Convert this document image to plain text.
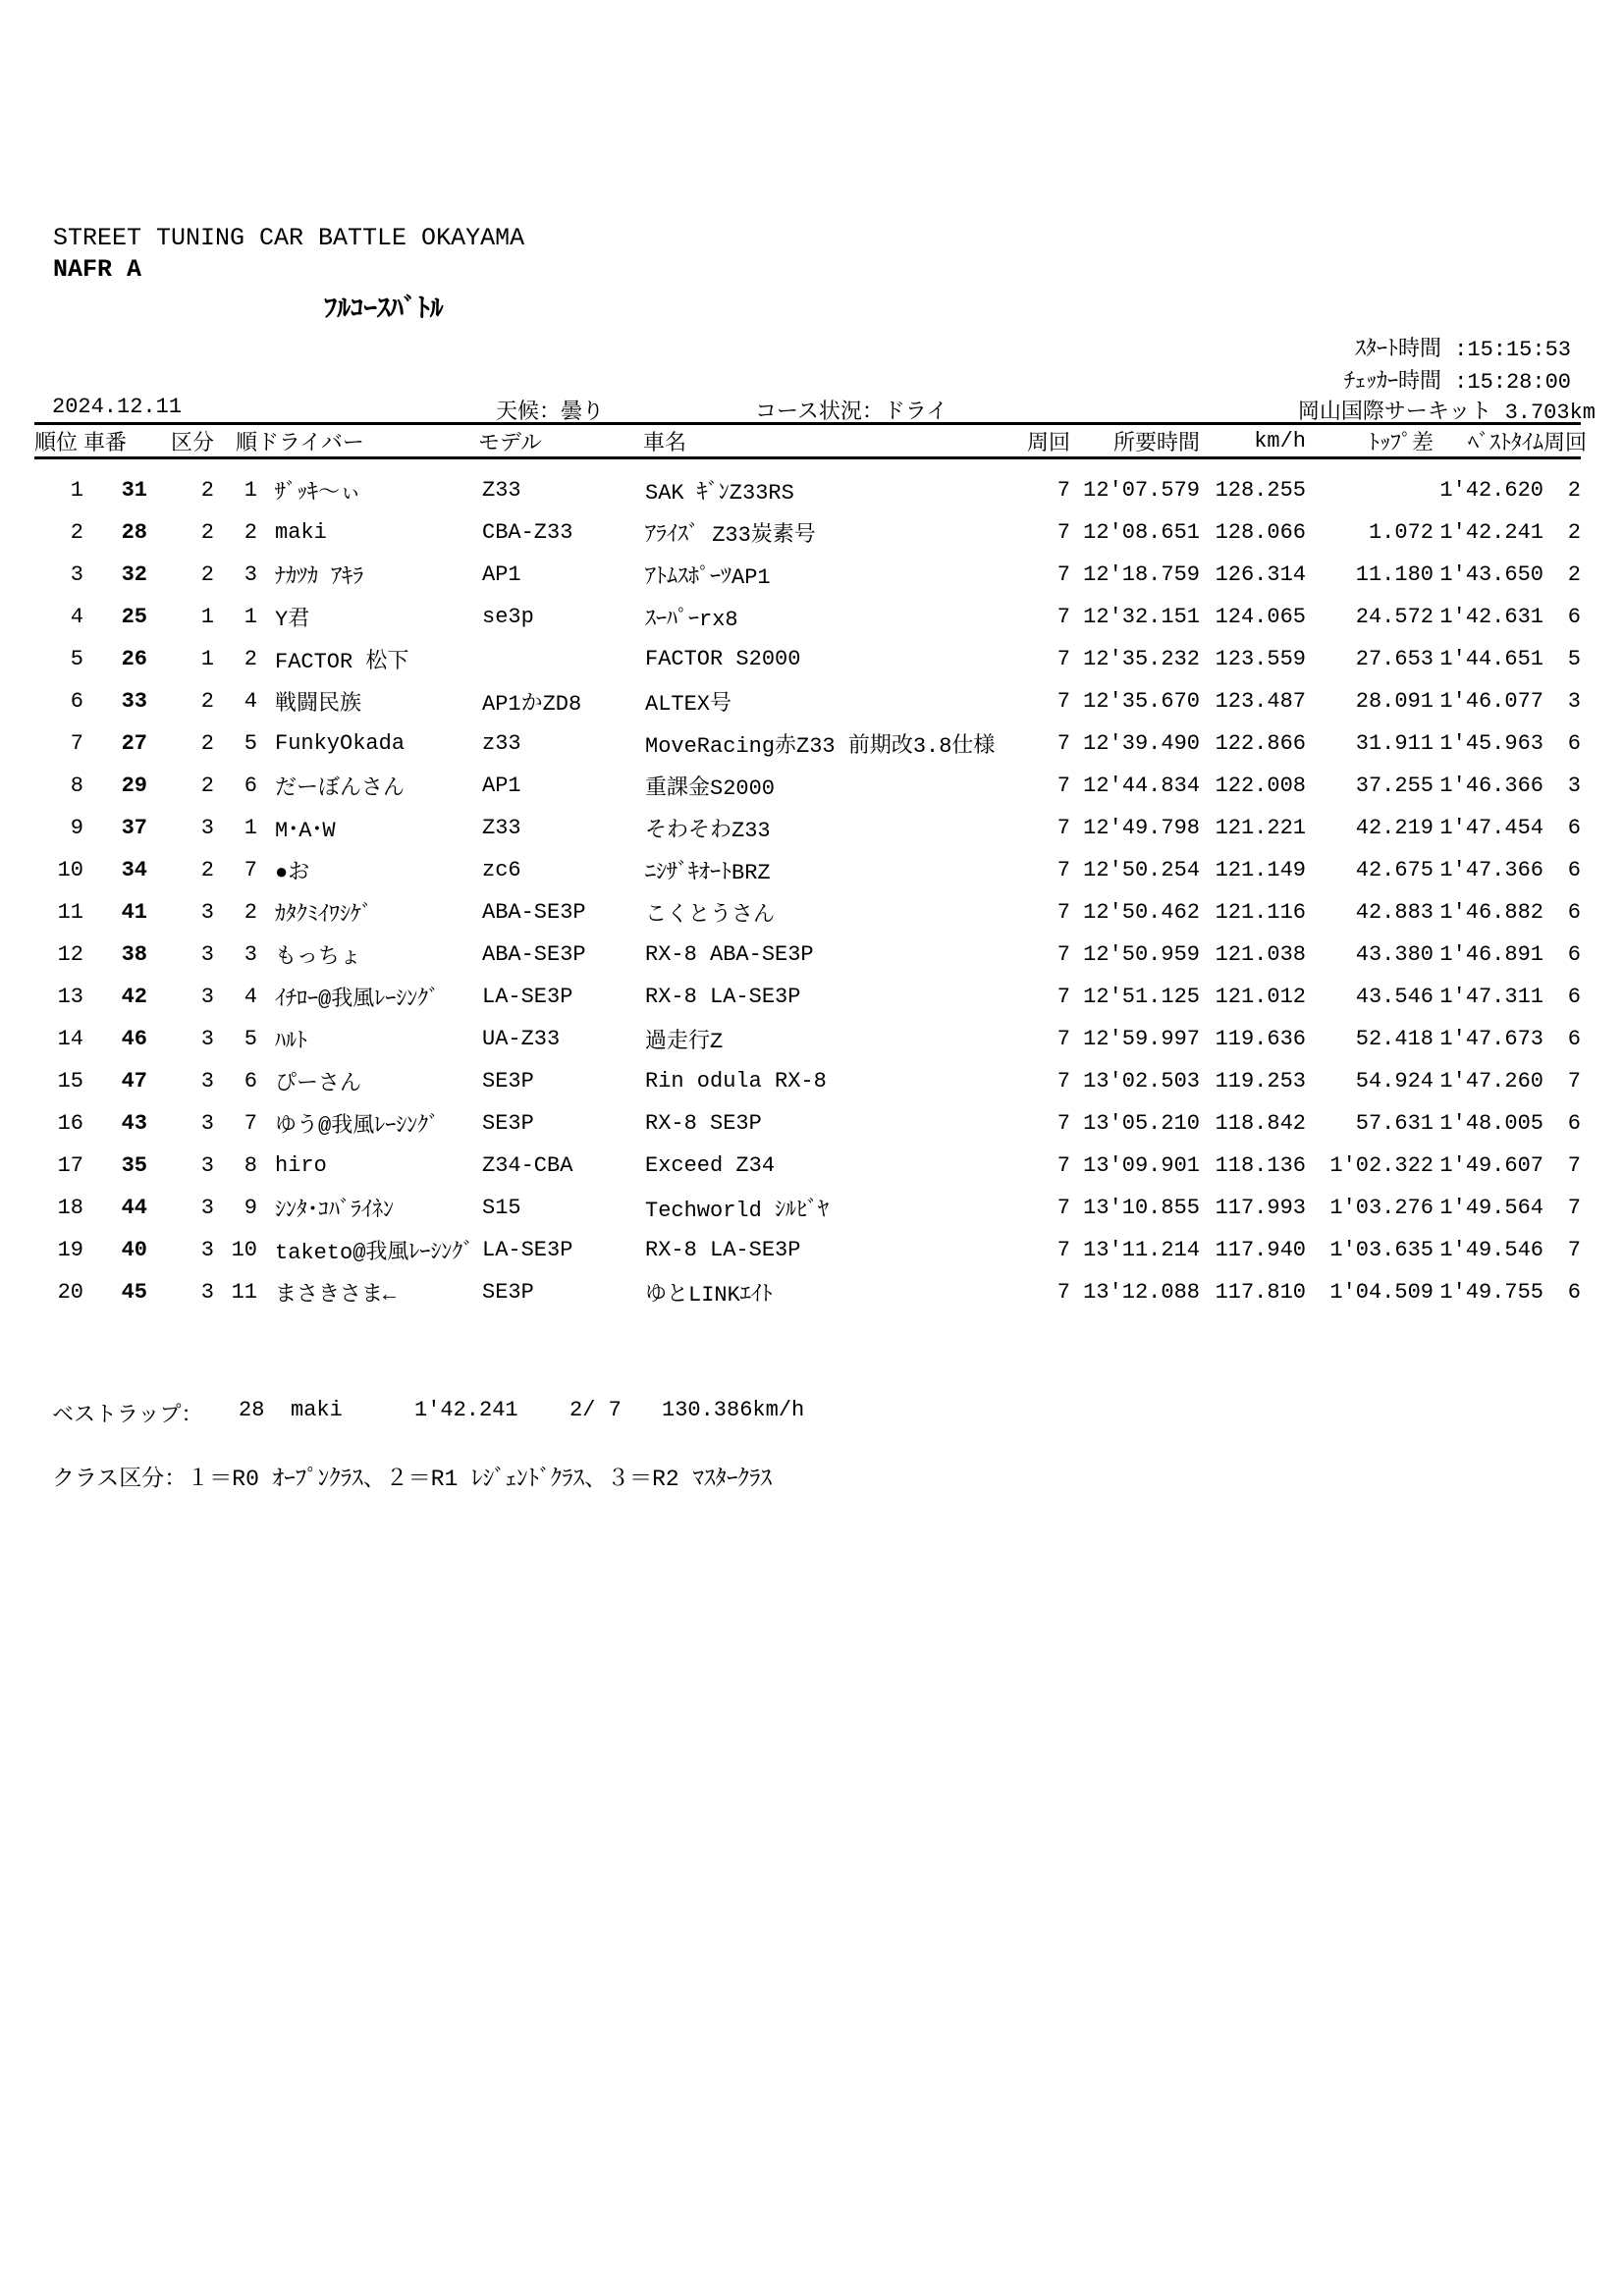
STREET TUNING CAR BATTLE OKAYAMA
NAFR A
ﾌﾙｺｰｽﾊﾞﾄﾙ
ｽﾀｰﾄ時間 :15:15:53
ﾁｪｯｶｰ時間 :15:28:00
2024.12.11	天候：曇り	コース状況：ドライ	岡山国際サーキット 3.703km
順位	車番	区分	順	ドライバー	モデル	車名	周回	所要時間	km/h	ﾄｯﾌﾟ差	ﾍﾞｽﾄﾀｲﾑ	周回
1	31	2	1	ｻﾞｯｷ～ぃ	Z33	SAK ｷﾞﾝZ33RS	7	12'07.579	128.255		1'42.620	2
2	28	2	2	maki	CBA-Z33	ｱﾗｲｽﾞ Z33炭素号	7	12'08.651	128.066	1.072	1'42.241	2
3	32	2	3	ﾅｶﾂｶ ｱｷﾗ	AP1	ｱﾄﾑｽﾎﾟｰﾂAP1	7	12'18.759	126.314	11.180	1'43.650	2
4	25	1	1	Y君	se3p	ｽｰﾊﾟｰrx8	7	12'32.151	124.065	24.572	1'42.631	6
5	26	1	2	FACTOR 松下		FACTOR S2000	7	12'35.232	123.559	27.653	1'44.651	5
6	33	2	4	戦闘民族	AP1かZD8	ALTEX号	7	12'35.670	123.487	28.091	1'46.077	3
7	27	2	5	FunkyOkada	z33	MoveRacing赤Z33 前期改3.8仕様	7	12'39.490	122.866	31.911	1'45.963	6
8	29	2	6	だーぼんさん	AP1	重課金S2000	7	12'44.834	122.008	37.255	1'46.366	3
9	37	3	1	M･A･W	Z33	そわそわZ33	7	12'49.798	121.221	42.219	1'47.454	6
10	34	2	7	●お	zc6	ﾆｼｻﾞｷｵｰﾄBRZ	7	12'50.254	121.149	42.675	1'47.366	6
11	41	3	2	ｶﾀｸﾐｲﾜｼｹﾞ	ABA-SE3P	こくとうさん	7	12'50.462	121.116	42.883	1'46.882	6
12	38	3	3	もっちょ	ABA-SE3P	RX-8 ABA-SE3P	7	12'50.959	121.038	43.380	1'46.891	6
13	42	3	4	ｲﾁﾛｰ@我風ﾚｰｼﾝｸﾞ	LA-SE3P	RX-8 LA-SE3P	7	12'51.125	121.012	43.546	1'47.311	6
14	46	3	5	ﾊﾙﾄ	UA-Z33	過走行Z	7	12'59.997	119.636	52.418	1'47.673	6
15	47	3	6	ぴーさん	SE3P	Rin odula RX-8	7	13'02.503	119.253	54.924	1'47.260	7
16	43	3	7	ゆう@我風ﾚｰｼﾝｸﾞ	SE3P	RX-8 SE3P	7	13'05.210	118.842	57.631	1'48.005	6
17	35	3	8	hiro	Z34-CBA	Exceed Z34	7	13'09.901	118.136	1'02.322	1'49.607	7
18	44	3	9	ｼﾝﾀ･ｺﾊﾞﾗｲﾈﾝ	S15	Techworld ｼﾙﾋﾞﾔ	7	13'10.855	117.993	1'03.276	1'49.564	7
19	40	3	10	taketo@我風ﾚｰｼﾝｸﾞ	LA-SE3P	RX-8 LA-SE3P	7	13'11.214	117.940	1'03.635	1'49.546	7
20	45	3	11	まさきさま←	SE3P	ゆとLINKｴｲﾄ	7	13'12.088	117.810	1'04.509	1'49.755	6
ベストラップ： 28 maki	1'42.241 2/ 7 130.386km/h
クラス区分：１＝R0 ｵｰﾌﾟﾝｸﾗｽ、２＝R1 ﾚｼﾞｪﾝﾄﾞｸﾗｽ、３＝R2 ﾏｽﾀｰｸﾗｽ
